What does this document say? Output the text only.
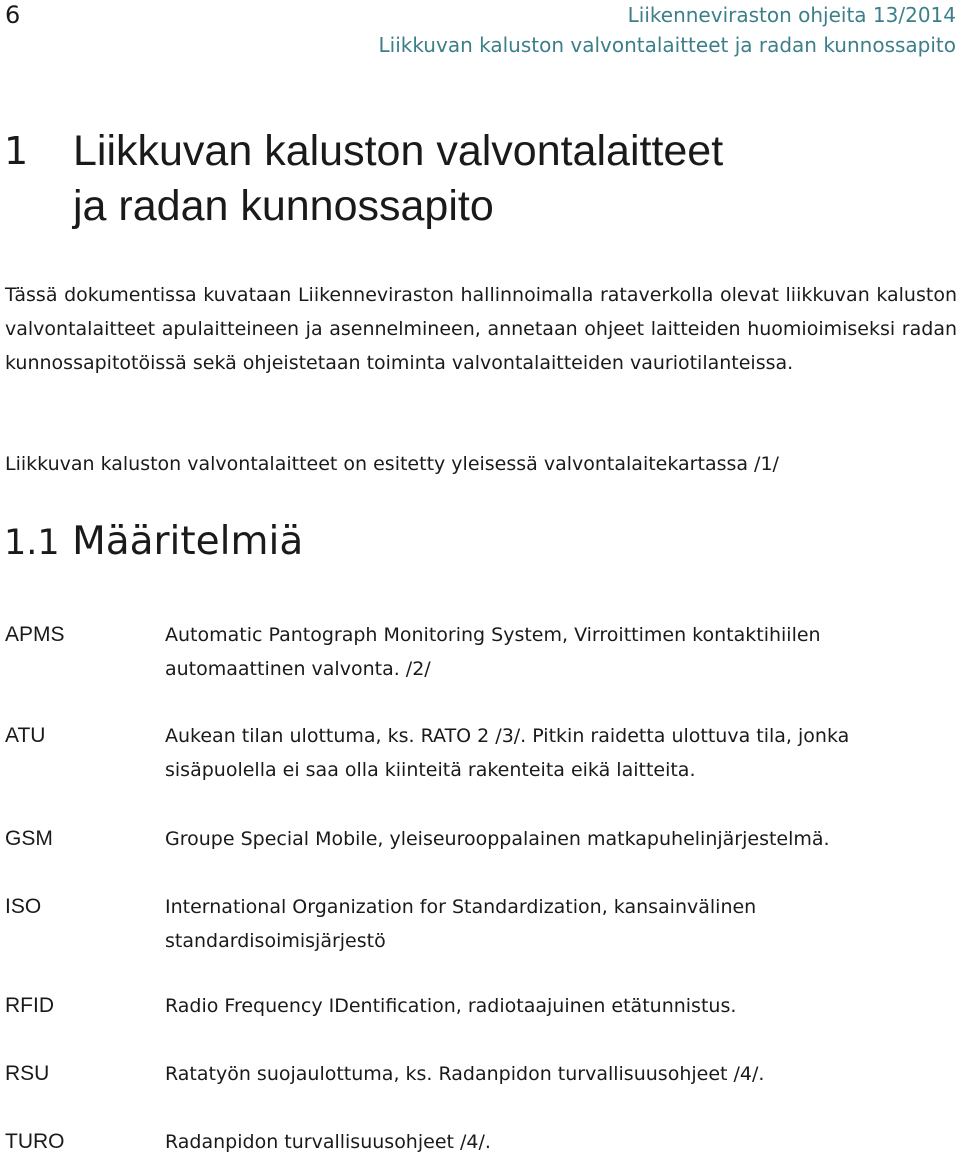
6	Liikenneviraston ohjeita 13/2014
Liikkuvan kaluston valvontalaitteet ja radan kunnossapito
1 Liikkuvan kaluston valvontalaitteet
ja radan kunnossapito
Tässä dokumentissa kuvataan Liikenneviraston hallinnoimalla rataverkolla olevat liikkuvan kaluston valvontalaitteet apulaitteineen ja asennelmineen, annetaan ohjeet laitteiden huomioimiseksi radan kunnossapitotöissä sekä ohjeistetaan toiminta valvontalaitteiden vauriotilanteissa.
Liikkuvan kaluston valvontalaitteet on esitetty yleisessä valvontalaitekartassa /1/
1.1 Määritelmiä
APMS	Automatic Pantograph Monitoring System, Virroittimen kontaktihiilen automaattinen valvonta. /2/
ATU	Aukean tilan ulottuma, ks. RATO 2 /3/. Pitkin raidetta ulottuva tila, jonka sisäpuolella ei saa olla kiinteitä rakenteita eikä laitteita.
GSM	Groupe Special Mobile, yleiseurooppalainen matkapuhelinjärjestelmä.
ISO	International Organization for Standardization, kansainvälinen standardisoimisjärjestö
RFID	Radio Frequency IDentification, radiotaajuinen etätunnistus.
RSU	Ratatyön suojaulottuma, ks. Radanpidon turvallisuusohjeet /4/.
TURO	Radanpidon turvallisuusohjeet /4/.
